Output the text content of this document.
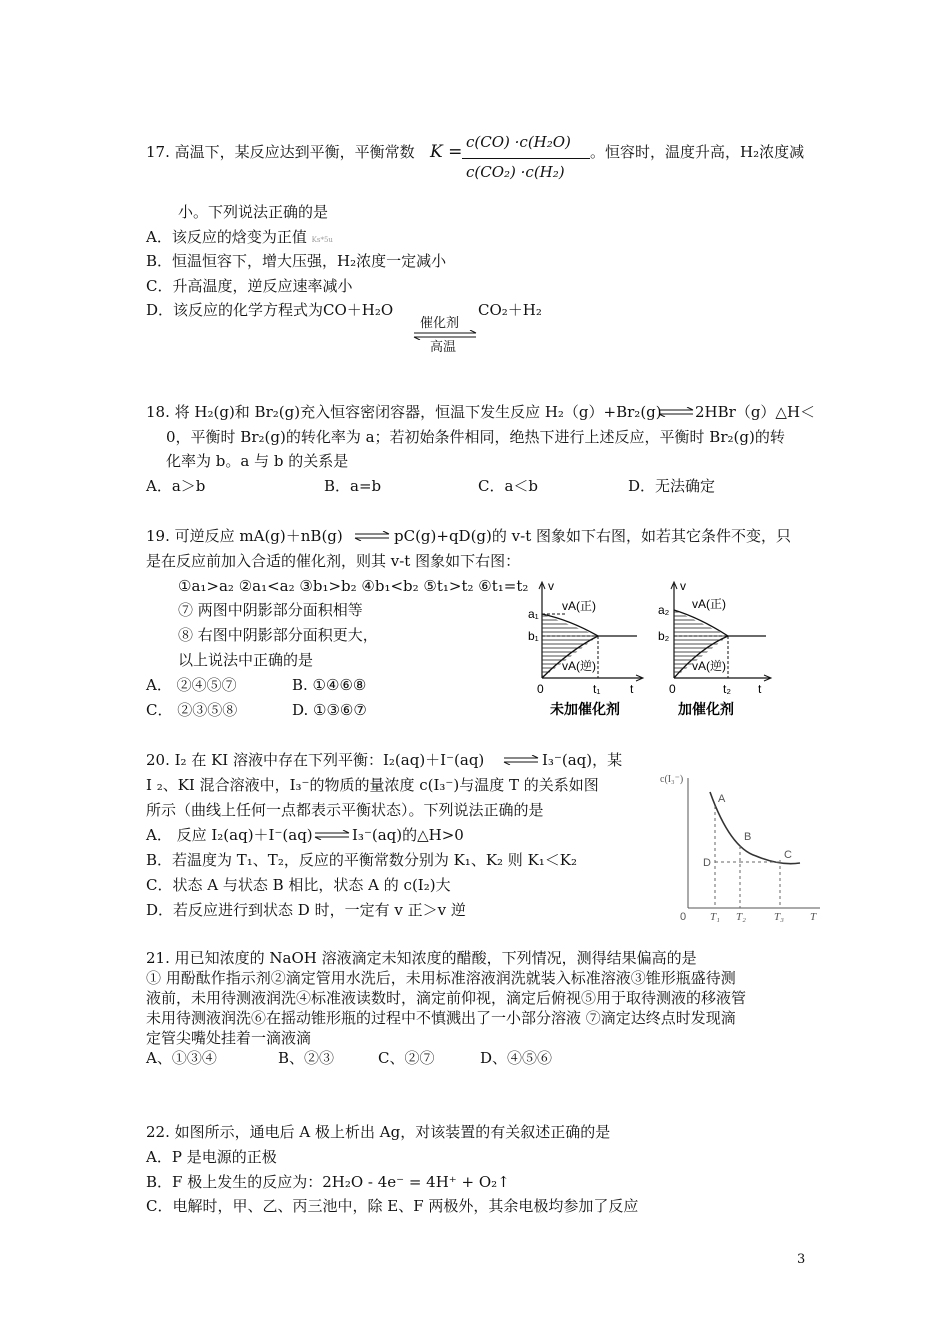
17. 高温下，某反应达到平衡，平衡常数 K = c(CO) ·c(H₂O)
c(CO₂) ·c(H₂)
。恒容时，温度升高，H₂浓度减
小。下列说法正确的是
A．该反应的焓变为正值 Ks*5u
B．恒温恒容下，增大压强，H₂浓度一定减小
C．升高温度，逆反应速率减小
D．该反应的化学方程式为CO＋H₂O
催化剂
CO₂＋H₂
高温
18. 将 H₂(g)和 Br₂(g)充入恒容密闭容器，恒温下发生反应 H₂（g）+Br₂(g) 2HBr（g）△H＜
0，平衡时 Br₂(g)的转化率为 a；若初始条件相同，绝热下进行上述反应，平衡时 Br₂(g)的转
化率为 b。a 与 b 的关系是
A．a＞b	B．a=b	C．a＜b	D．无法确定
19. 可逆反应 mA(g)＋nB(g)	pC(g)+qD(g)的 v-t 图象如下右图，如若其它条件不变，只
是在反应前加入合适的催化剂，则其 v-t 图象如下右图：
①a₁>a₂ ②a₁<a₂ ③b₁>b₂ ④b₁<b₂ ⑤t₁>t₂ ⑥t₁=t₂
⑦ 两图中阴影部分面积相等
⑧ 右图中阴影部分面积更大，
以上说法中正确的是
A． ②④⑤⑦	B. ①④⑥⑧
C． ②③⑤⑧	D. ①③⑥⑦
v
a₁
b₁
vA(正)
vA(逆)
0	t₁ t
未加催化剂
v
a₂
b₂
vA(正)
vA(逆)
0	t₂ t
加催化剂
20. I₂ 在 KI 溶液中存在下列平衡：I₂(aq)＋I⁻(aq)	I₃⁻(aq)，某
I ₂、KI 混合溶液中，I₃⁻的物质的量浓度 c(I₃⁻)与温度 T 的关系如图
所示（曲线上任何一点都表示平衡状态）。下列说法正确的是
A． 反应 I₂(aq)＋I⁻(aq)	I₃⁻(aq)的△H>0
B．若温度为 T₁、T₂，反应的平衡常数分别为 K₁、K₂ 则 K₁＜K₂
C．状态 A 与状态 B 相比，状态 A 的 c(I₂)大
D．若反应进行到状态 D 时，一定有 v 正＞v 逆
c(I₃⁻)
A
B
C
D
0 T₁ T₂	T₃ T
21. 用已知浓度的 NaOH 溶液滴定未知浓度的醋酸，下列情况，测得结果偏高的是
① 用酚酞作指示剂②滴定管用水洗后，未用标准溶液润洗就装入标准溶液③锥形瓶盛待测
液前，未用待测液润洗④标准液读数时，滴定前仰视，滴定后俯视⑤用于取待测液的移液管
未用待测液润洗⑥在摇动锥形瓶的过程中不慎溅出了一小部分溶液 ⑦滴定达终点时发现滴
定管尖嘴处挂着一滴液滴
A、①③④	B、②③	C、②⑦	D、④⑤⑥
22. 如图所示，通电后 A 极上析出 Ag，对该装置的有关叙述正确的是
A．P 是电源的正极
B．F 极上发生的反应为：2H₂O - 4e⁻ = 4H⁺ + O₂↑
C．电解时，甲、乙、丙三池中，除 E、F 两极外，其余电极均参加了反应
3
